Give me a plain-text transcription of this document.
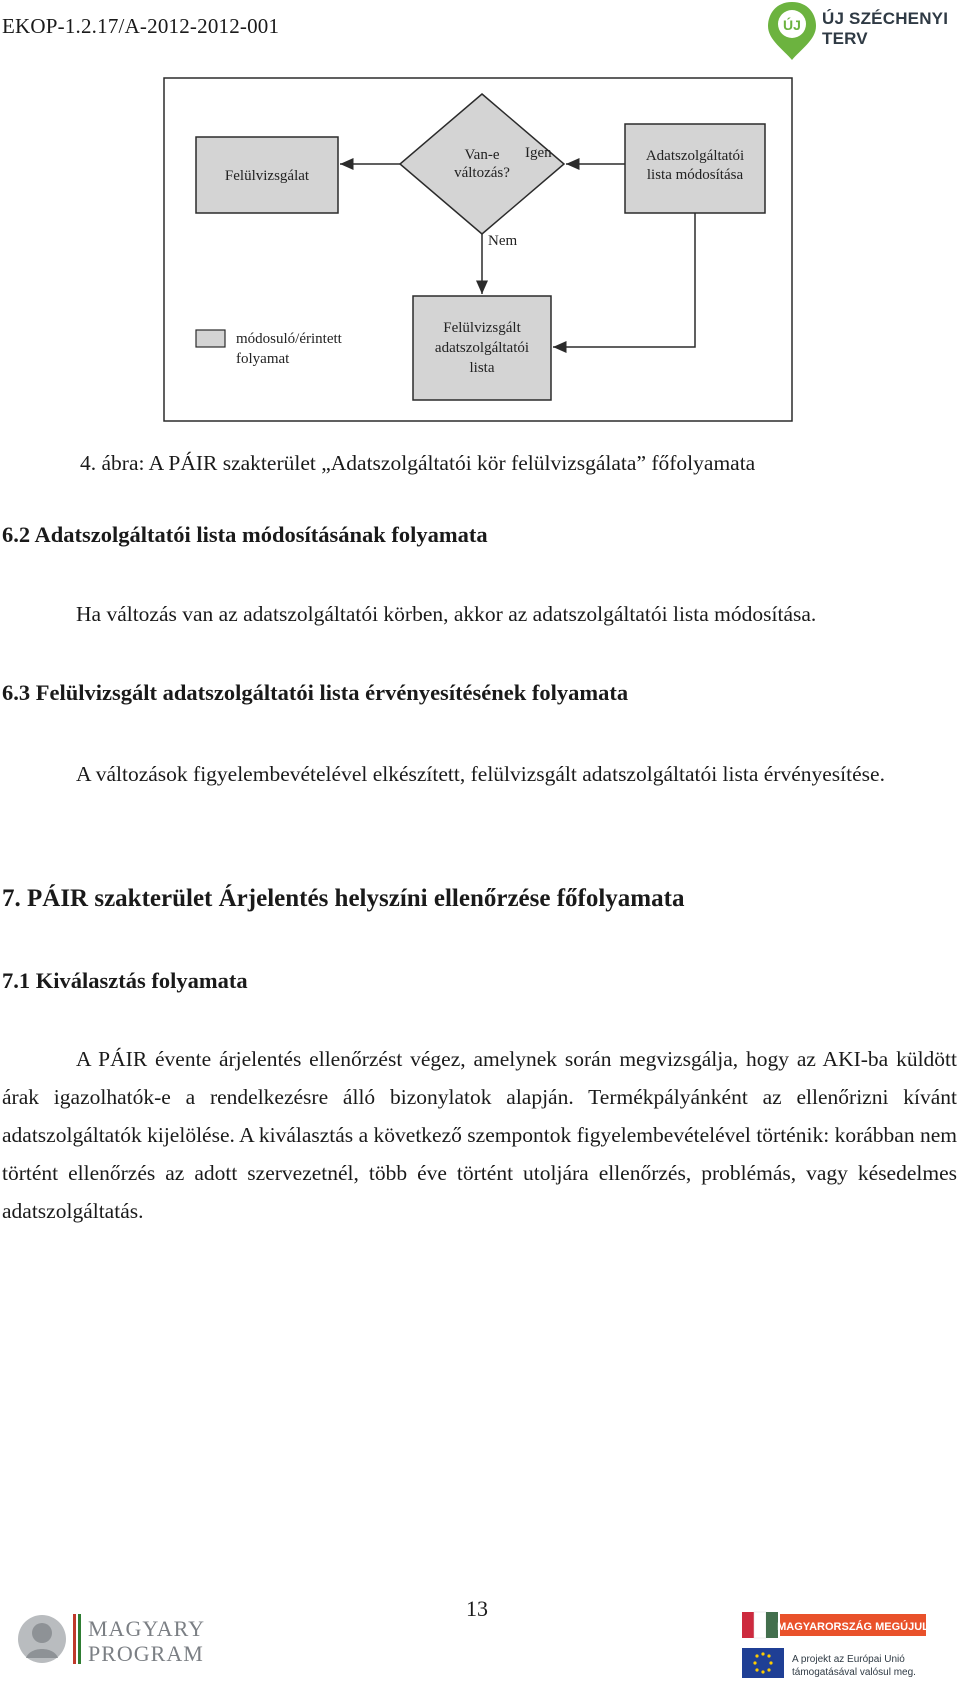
EKOP-1.2.17/A-2012-2012-001	ÚJ ÚJ SZÉCHENYI TERV
Felülvizsgálat
Van-e
változás?
Adatszolgáltatói
lista módosítása
Igen
Nem
Felülvizsgált
adatszolgáltatói
lista
módosuló/érintett
folyamat
4. ábra: A PÁIR szakterület „Adatszolgáltatói kör felülvizsgálata” főfolyamata
6.2 Adatszolgáltatói lista módosításának folyamata
Ha változás van az adatszolgáltatói körben, akkor az adatszolgáltatói lista módosítása.
6.3 Felülvizsgált adatszolgáltatói lista érvényesítésének folyamata
A változások figyelembevételével elkészített, felülvizsgált adatszolgáltatói lista érvényesítése.
7. PÁIR szakterület Árjelentés helyszíni ellenőrzése főfolyamata
7.1 Kiválasztás folyamata
A PÁIR évente árjelentés ellenőrzést végez, amelynek során megvizsgálja, hogy az AKI-ba küldött árak igazolhatók-e a rendelkezésre álló bizonylatok alapján. Termékpályánként az ellenőrizni kívánt adatszolgáltatók kijelölése. A kiválasztás a következő szempontok figyelembevételével történik: korábban nem történt ellenőrzés az adott szervezetnél, több éve történt utoljára ellenőrzés, problémás, vagy késedelmes adatszolgáltatás.
13
MAGYARY
PROGRAM
MAGYARORSZÁG MEGÚJUL
A projekt az Európai Unió
támogatásával valósul meg.
